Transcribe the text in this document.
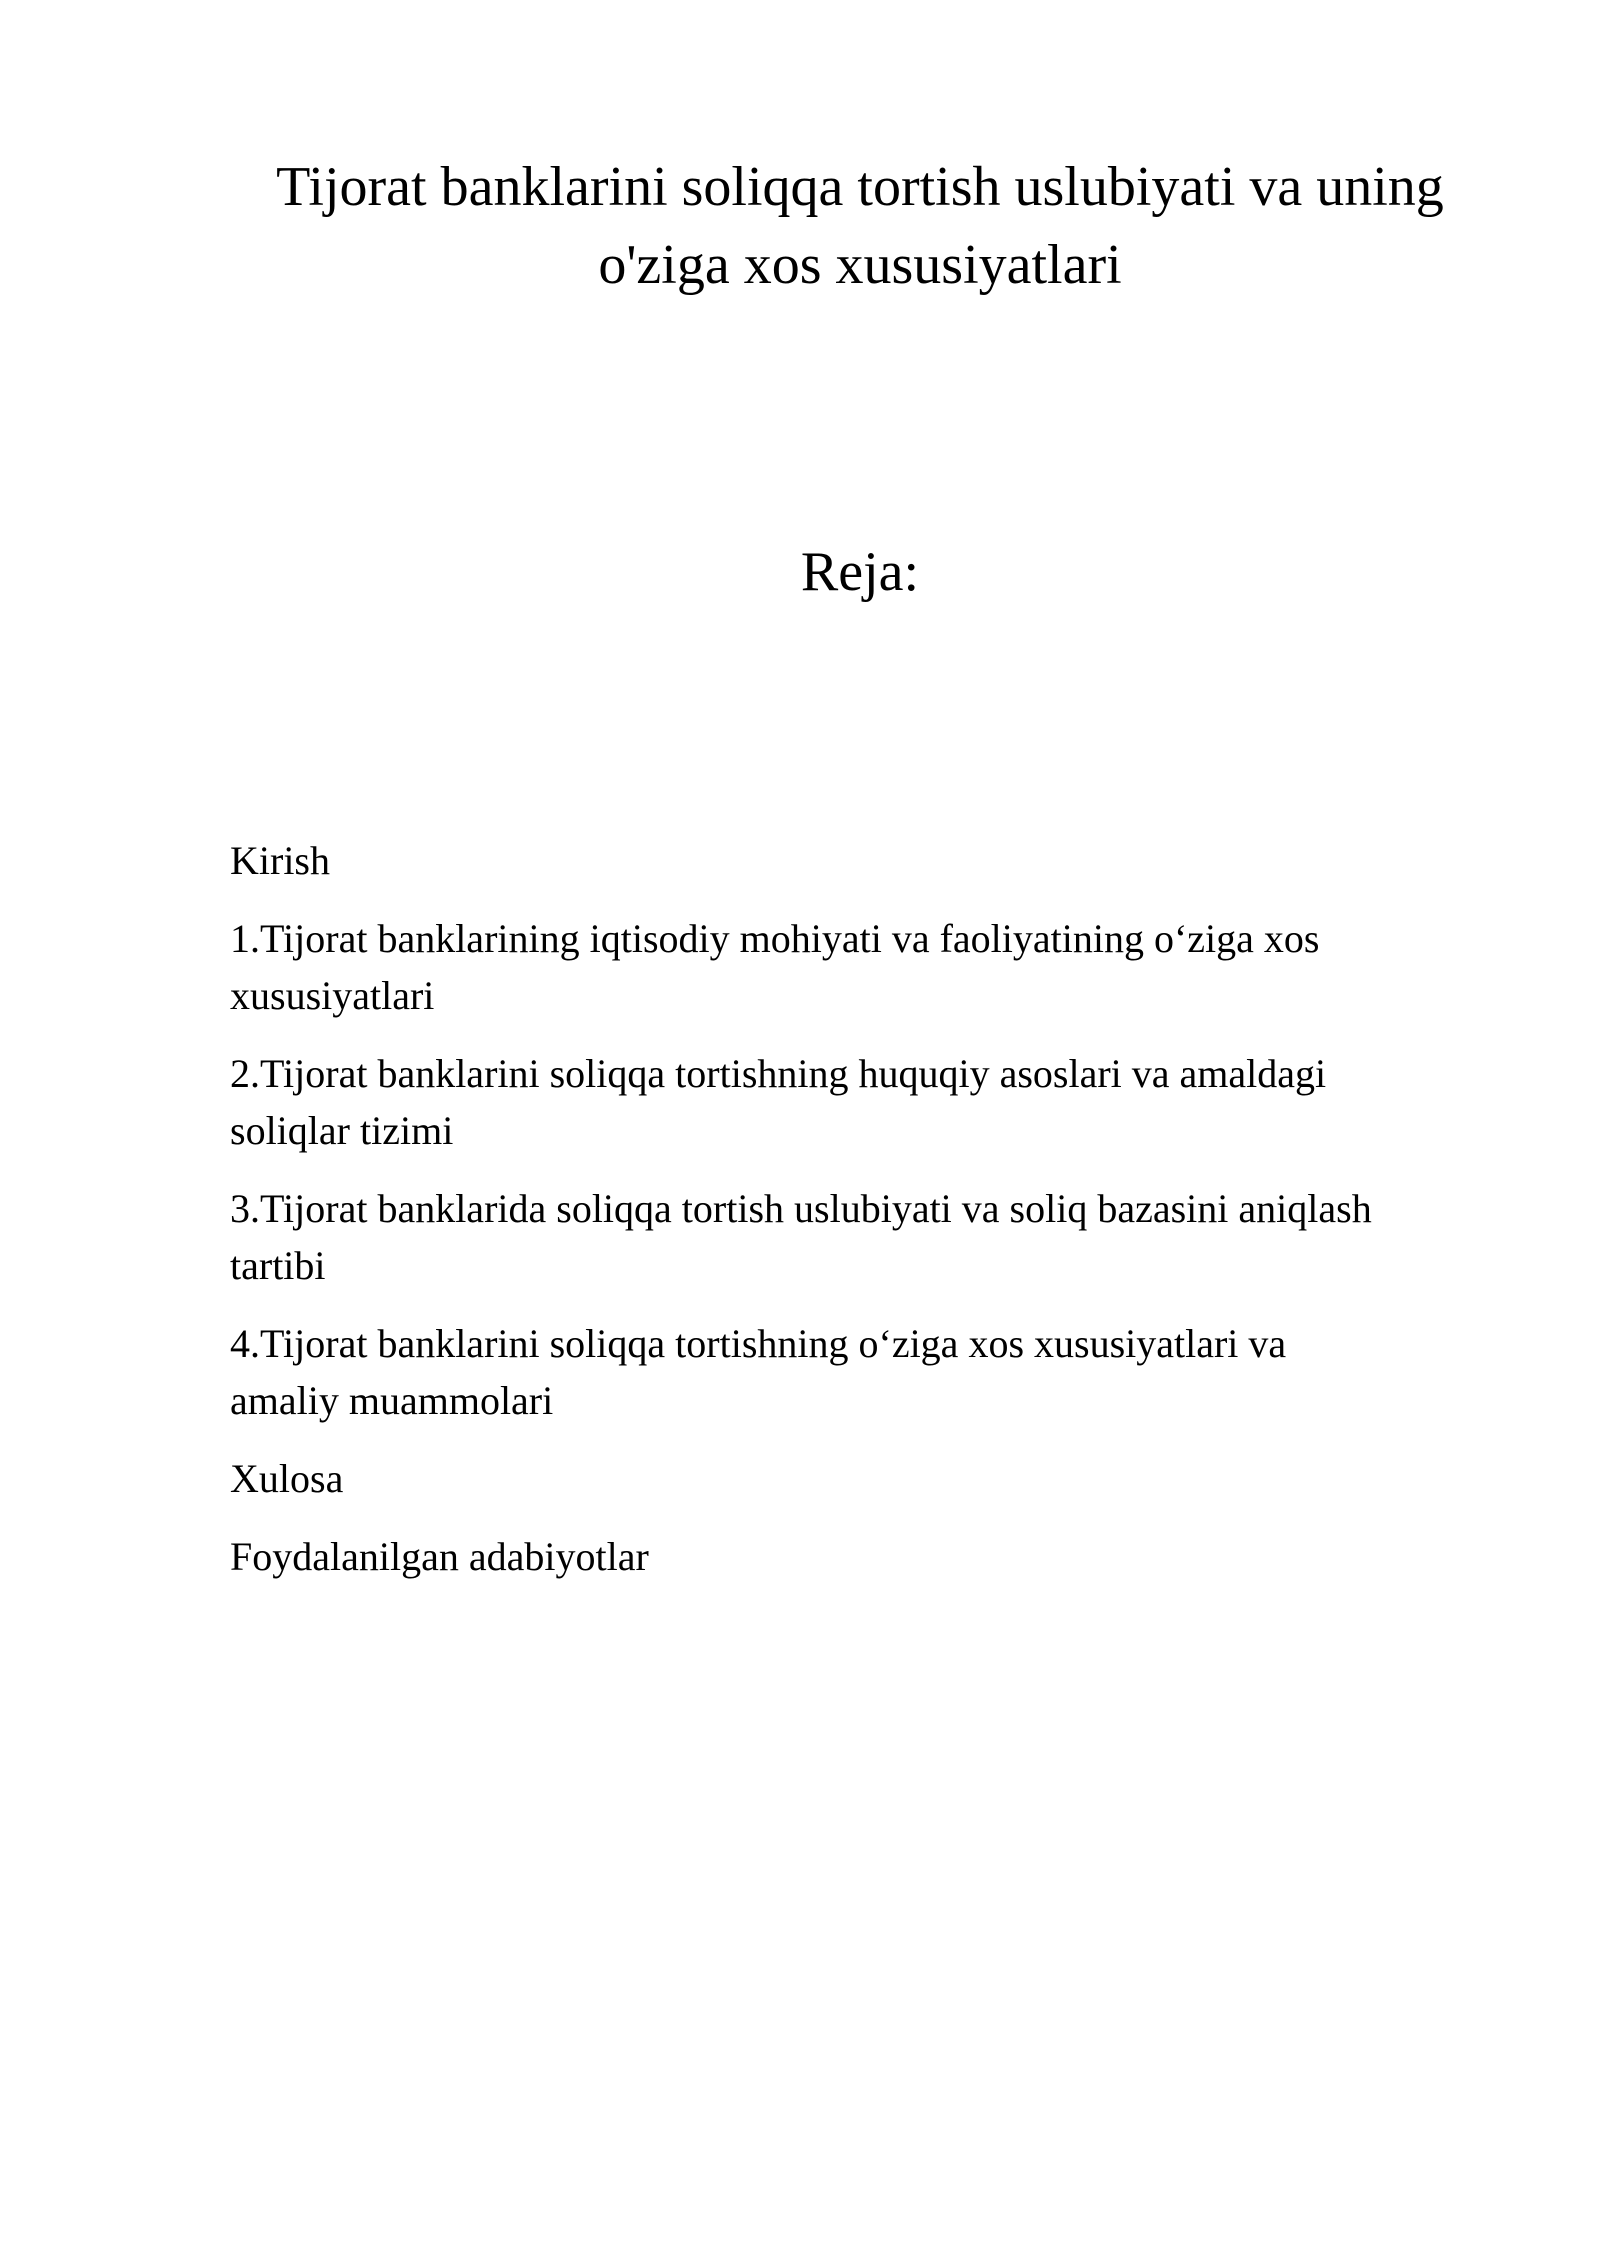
Tijorat banklarini soliqqa tortish uslubiyati va uning
o'ziga xos xususiyatlari
Reja:
Kirish
1.Tijorat banklarining iqtisodiy mohiyati va faoliyatining o‘ziga xos
xususiyatlari
2.Tijorat banklarini soliqqa tortishning huquqiy asoslari va amaldagi
soliqlar tizimi
3.Tijorat banklarida soliqqa tortish uslubiyati va soliq bazasini aniqlash
tartibi
4.Tijorat banklarini soliqqa tortishning o‘ziga xos xususiyatlari va
amaliy muammolari
Xulosa
Foydalanilgan adabiyotlar
